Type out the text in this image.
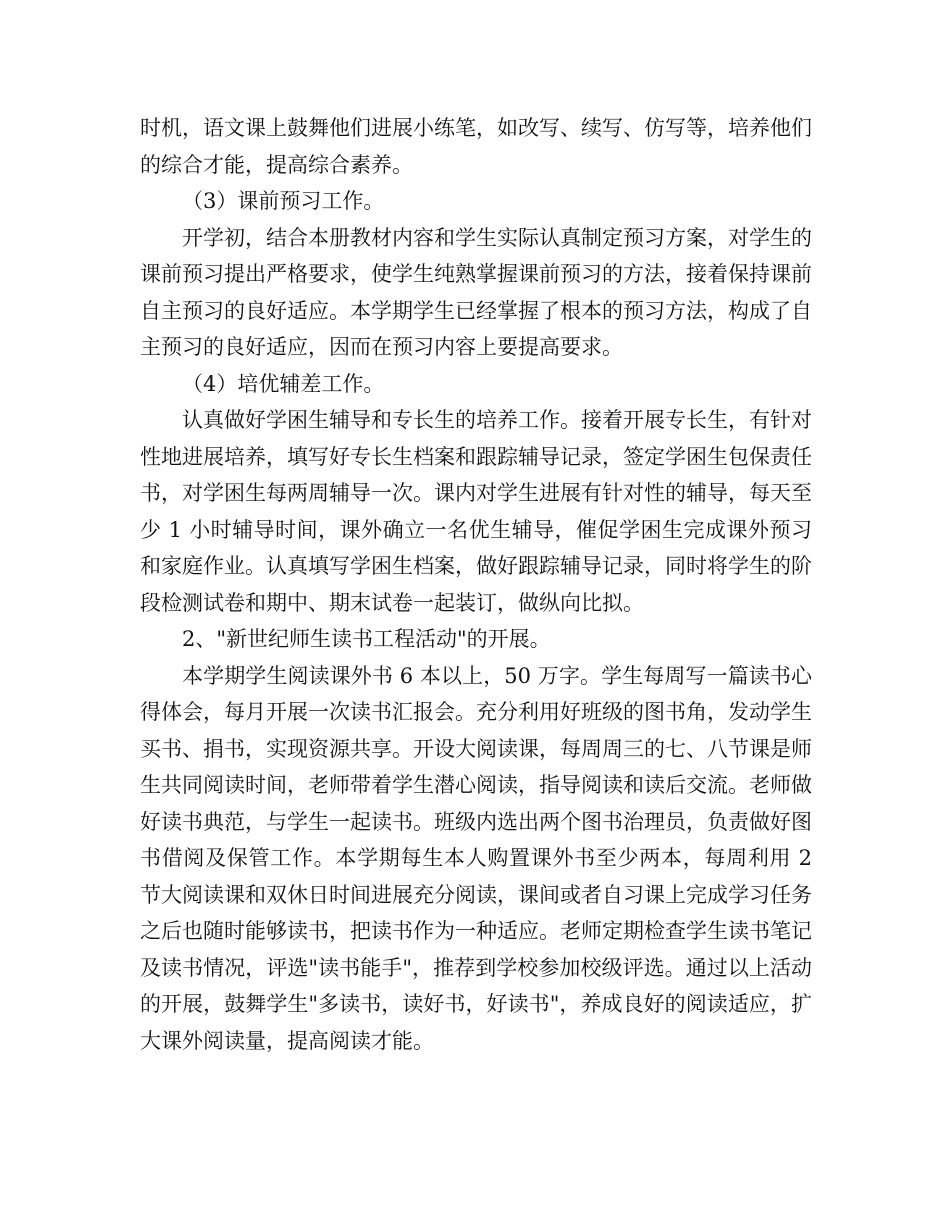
时机，语文课上鼓舞他们进展小练笔，如改写、续写、仿写等，培养他们的综合才能，提高综合素养。

（3）课前预习工作。

开学初，结合本册教材内容和学生实际认真制定预习方案，对学生的课前预习提出严格要求，使学生纯熟掌握课前预习的方法，接着保持课前自主预习的良好适应。本学期学生已经掌握了根本的预习方法，构成了自主预习的良好适应，因而在预习内容上要提高要求。

（4）培优辅差工作。

认真做好学困生辅导和专长生的培养工作。接着开展专长生，有针对性地进展培养，填写好专长生档案和跟踪辅导记录，签定学困生包保责任书，对学困生每两周辅导一次。课内对学生进展有针对性的辅导，每天至少 1 小时辅导时间，课外确立一名优生辅导，催促学困生完成课外预习和家庭作业。认真填写学困生档案，做好跟踪辅导记录，同时将学生的阶段检测试卷和期中、期末试卷一起装订，做纵向比拟。

2、"新世纪师生读书工程活动"的开展。

本学期学生阅读课外书 6 本以上，50 万字。学生每周写一篇读书心得体会，每月开展一次读书汇报会。充分利用好班级的图书角，发动学生买书、捐书，实现资源共享。开设大阅读课，每周周三的七、八节课是师生共同阅读时间，老师带着学生潜心阅读，指导阅读和读后交流。老师做好读书典范，与学生一起读书。班级内选出两个图书治理员，负责做好图书借阅及保管工作。本学期每生本人购置课外书至少两本，每周利用 2 节大阅读课和双休日时间进展充分阅读，课间或者自习课上完成学习任务之后也随时能够读书，把读书作为一种适应。老师定期检查学生读书笔记及读书情况，评选"读书能手"，推荐到学校参加校级评选。通过以上活动的开展，鼓舞学生"多读书，读好书，好读书"，养成良好的阅读适应，扩大课外阅读量，提高阅读才能。
